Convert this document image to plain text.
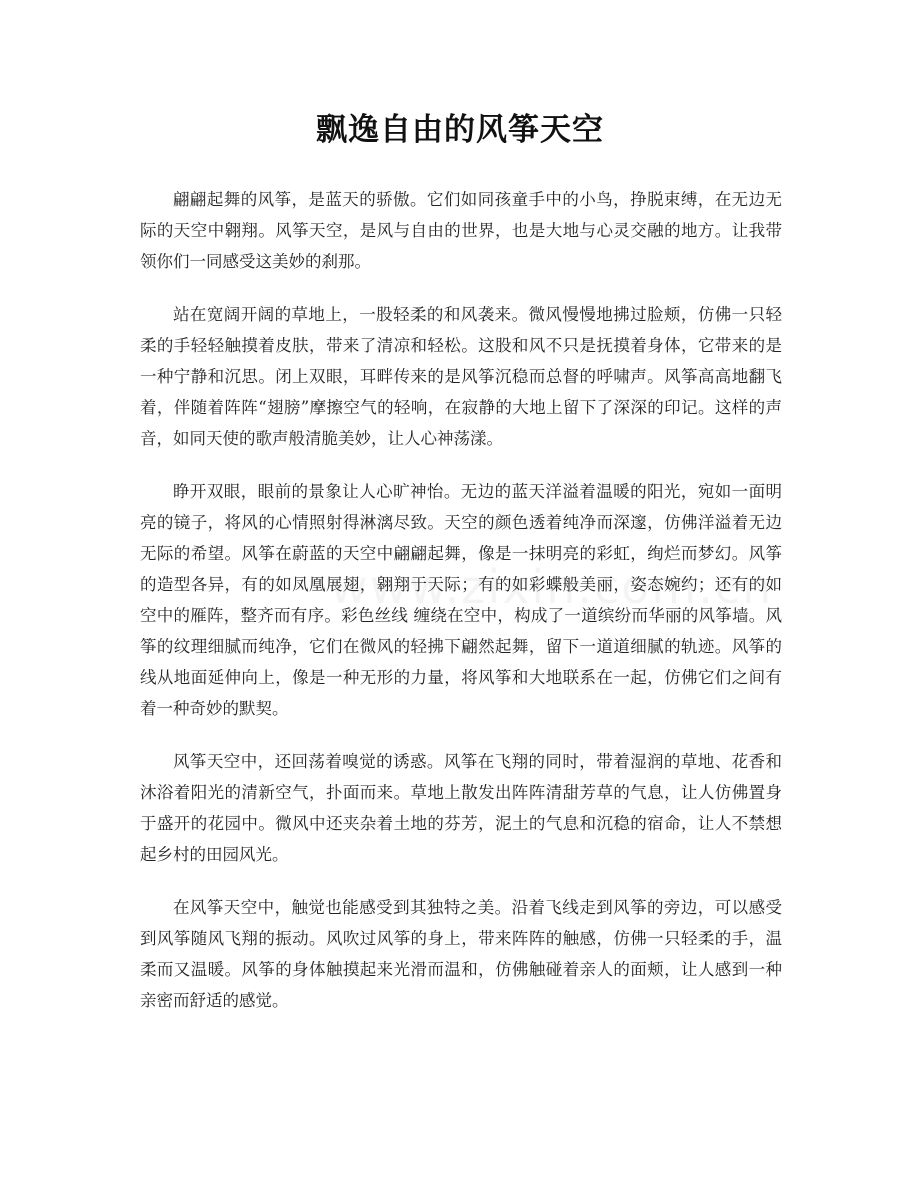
飘逸自由的风筝天空

翩翩起舞的风筝，是蓝天的骄傲。它们如同孩童手中的小鸟，挣脱束缚，在无边无际的天空中翱翔。风筝天空，是风与自由的世界，也是大地与心灵交融的地方。让我带领你们一同感受这美妙的刹那。

站在宽阔开阔的草地上，一股轻柔的和风袭来。微风慢慢地拂过脸颊，仿佛一只轻柔的手轻轻触摸着皮肤，带来了清凉和轻松。这股和风不只是抚摸着身体，它带来的是一种宁静和沉思。闭上双眼，耳畔传来的是风筝沉稳而总督的呼啸声。风筝高高地翻飞着，伴随着阵阵“翅膀”摩擦空气的轻响，在寂静的大地上留下了深深的印记。这样的声音，如同天使的歌声般清脆美妙，让人心神荡漾。

睁开双眼，眼前的景象让人心旷神怡。无边的蓝天洋溢着温暖的阳光，宛如一面明亮的镜子，将风的心情照射得淋漓尽致。天空的颜色透着纯净而深邃，仿佛洋溢着无边无际的希望。风筝在蔚蓝的天空中翩翩起舞，像是一抹明亮的彩虹，绚烂而梦幻。风筝的造型各异，有的如凤凰展翅，翱翔于天际；有的如彩蝶般美丽，姿态婉约；还有的如空中的雁阵，整齐而有序。彩色丝线 缠绕在空中，构成了一道缤纷而华丽的风筝墙。风筝的纹理细腻而纯净，它们在微风的轻拂下翩然起舞，留下一道道细腻的轨迹。风筝的线从地面延伸向上，像是一种无形的力量，将风筝和大地联系在一起，仿佛它们之间有着一种奇妙的默契。

风筝天空中，还回荡着嗅觉的诱惑。风筝在飞翔的同时，带着湿润的草地、花香和沐浴着阳光的清新空气，扑面而来。草地上散发出阵阵清甜芳草的气息，让人仿佛置身于盛开的花园中。微风中还夹杂着土地的芬芳，泥土的气息和沉稳的宿命，让人不禁想起乡村的田园风光。

在风筝天空中，触觉也能感受到其独特之美。沿着飞线走到风筝的旁边，可以感受到风筝随风飞翔的振动。风吹过风筝的身上，带来阵阵的触感，仿佛一只轻柔的手，温柔而又温暖。风筝的身体触摸起来光滑而温和，仿佛触碰着亲人的面颊，让人感到一种亲密而舒适的感觉。
